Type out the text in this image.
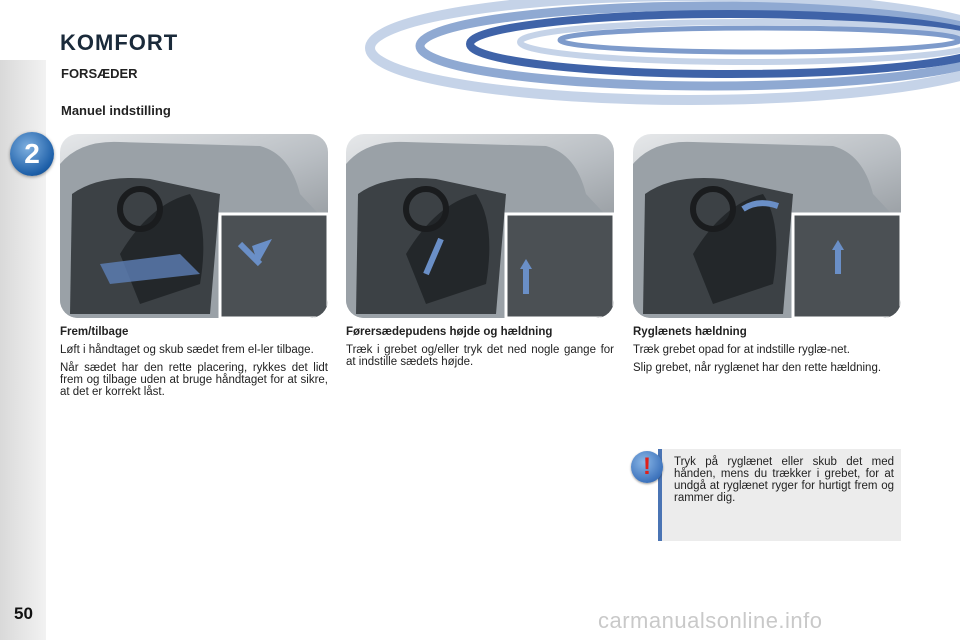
KOMFORT
2
FORSÆDER
Manuel indstilling
Frem/tilbage

Løft i håndtaget og skub sædet frem el-ler tilbage.

Når sædet har den rette placering, rykkes det lidt frem og tilbage uden at bruge håndtaget for at sikre, at det er korrekt låst.

Førersædepudens højde og hældning

Træk i grebet og/eller tryk det ned nogle gange for at indstille sædets højde.

Ryglænets hældning

Træk grebet opad for at indstille ryglæ-net.

Slip grebet, når ryglænet har den rette hældning.

!	Tryk på ryglænet eller skub det med hånden, mens du trækker i grebet, for at undgå at ryglænet ryger for hurtigt frem og rammer dig.
50	carmanualsonline.info
